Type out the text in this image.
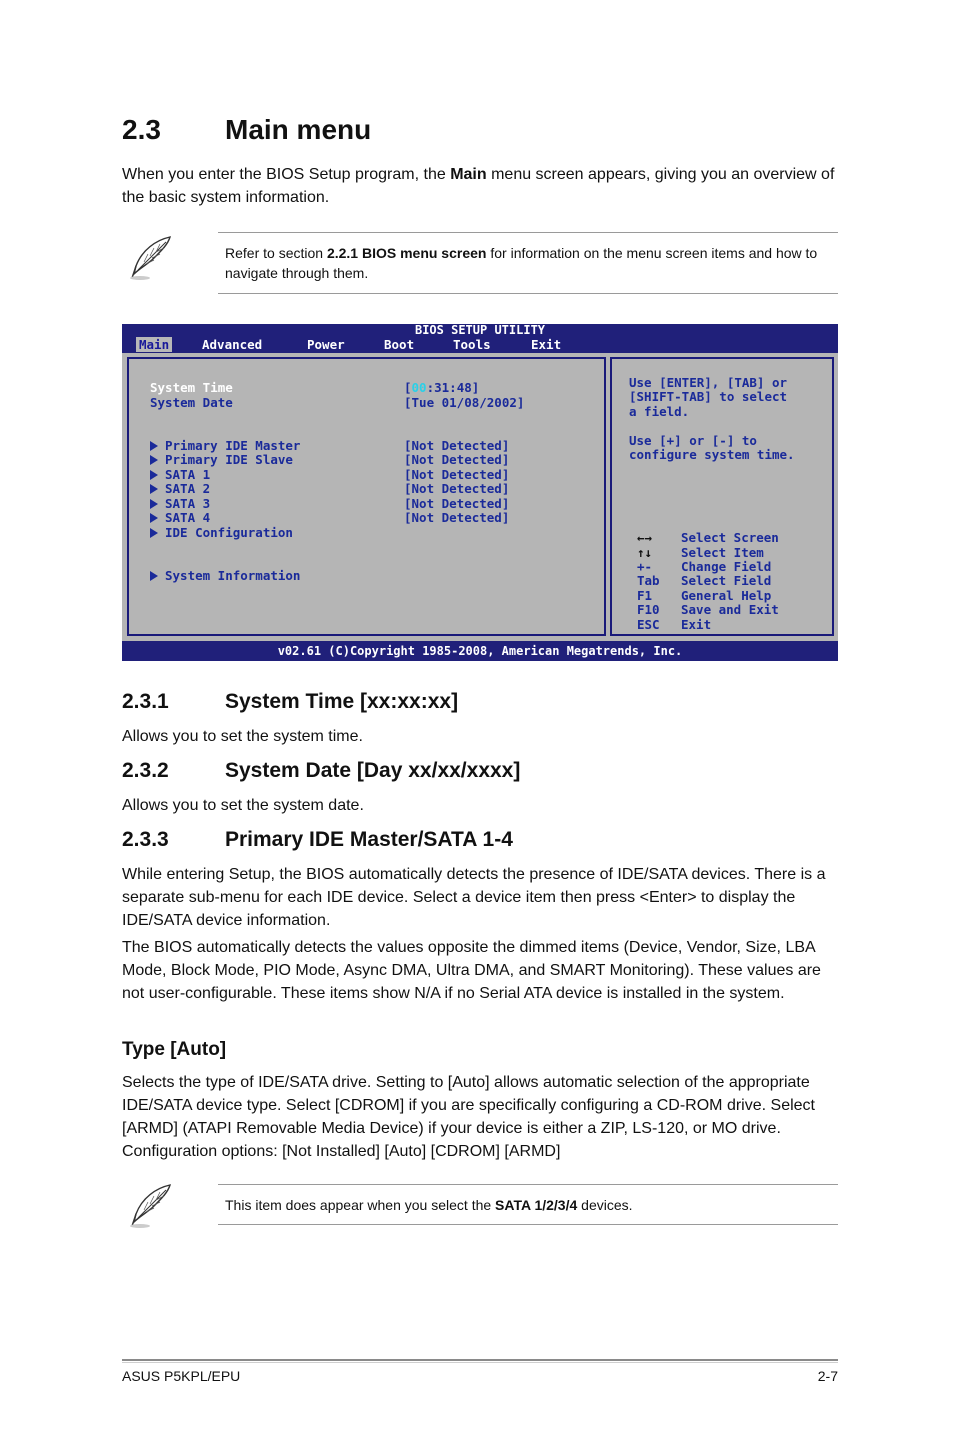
2.3 Main menu

When you enter the BIOS Setup program, the Main menu screen appears, giving you an overview of the basic system information.

Refer to section 2.2.1 BIOS menu screen for information on the menu screen items and how to navigate through them.
BIOS SETUP UTILITY
Main	Advanced	Power	Boot	Tools	Exit
System Time	[00:31:48]
System Date	[Tue 01/08/2002]
Primary IDE Master	[Not Detected]
Primary IDE Slave	[Not Detected]
SATA 1	[Not Detected]
SATA 2	[Not Detected]
SATA 3	[Not Detected]
SATA 4	[Not Detected]
IDE Configuration
System Information
Use [ENTER], [TAB] or
[SHIFT-TAB] to select
a field.
Use [+] or [-] to
configure system time.
←→ Select Screen
↑↓ Select Item
+- Change Field
Tab Select Field
F1 General Help
F10 Save and Exit
ESC Exit
v02.61 (C)Copyright 1985-2008, American Megatrends, Inc.
2.3.1	System Time [xx:xx:xx]

Allows you to set the system time.

2.3.2	System Date [Day xx/xx/xxxx]

Allows you to set the system date.

2.3.3	Primary IDE Master/SATA 1-4

While entering Setup, the BIOS automatically detects the presence of IDE/SATA devices. There is a separate sub-menu for each IDE device. Select a device item then press <Enter> to display the IDE/SATA device information.

The BIOS automatically detects the values opposite the dimmed items (Device, Vendor, Size, LBA Mode, Block Mode, PIO Mode, Async DMA, Ultra DMA, and SMART Monitoring). These values are not user-configurable. These items show N/A if no Serial ATA device is installed in the system.

Type [Auto]

Selects the type of IDE/SATA drive. Setting to [Auto] allows automatic selection of the appropriate IDE/SATA device type. Select [CDROM] if you are specifically configuring a CD-ROM drive. Select [ARMD] (ATAPI Removable Media Device) if your device is either a ZIP, LS-120, or MO drive. Configuration options: [Not Installed] [Auto] [CDROM] [ARMD]

This item does appear when you select the SATA 1/2/3/4 devices.
ASUS P5KPL/EPU	2-7
